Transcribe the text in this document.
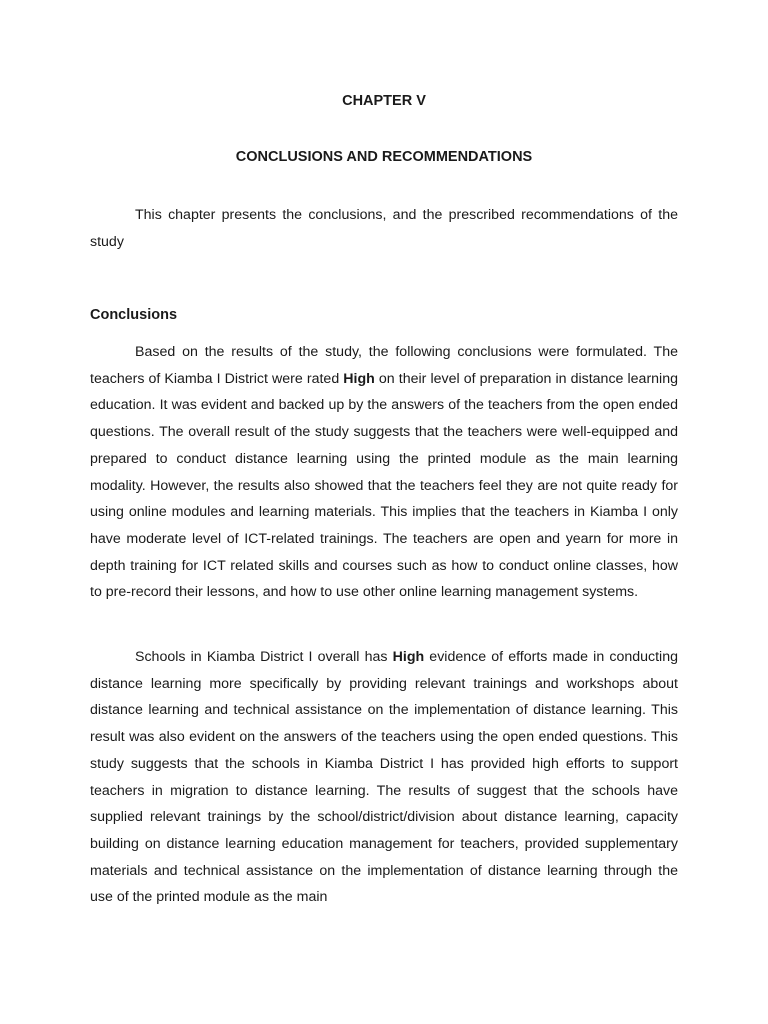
CHAPTER V
CONCLUSIONS AND RECOMMENDATIONS

This chapter presents the conclusions, and the prescribed recommendations of the study

Conclusions

Based on the results of the study, the following conclusions were formulated. The teachers of Kiamba I District were rated High on their level of preparation in distance learning education. It was evident and backed up by the answers of the teachers from the open ended questions. The overall result of the study suggests that the teachers were well-equipped and prepared to conduct distance learning using the printed module as the main learning modality. However, the results also showed that the teachers feel they are not quite ready for using online modules and learning materials. This implies that the teachers in Kiamba I only have moderate level of ICT-related trainings. The teachers are open and yearn for more in depth training for ICT related skills and courses such as how to conduct online classes, how to pre-record their lessons, and how to use other online learning management systems.

Schools in Kiamba District I overall has High evidence of efforts made in conducting distance learning more specifically by providing relevant trainings and workshops about distance learning and technical assistance on the implementation of distance learning. This result was also evident on the answers of the teachers using the open ended questions. This study suggests that the schools in Kiamba District I has provided high efforts to support teachers in migration to distance learning. The results of suggest that the schools have supplied relevant trainings by the school/district/division about distance learning, capacity building on distance learning education management for teachers, provided supplementary materials and technical assistance on the implementation of distance learning through the use of the printed module as the main
